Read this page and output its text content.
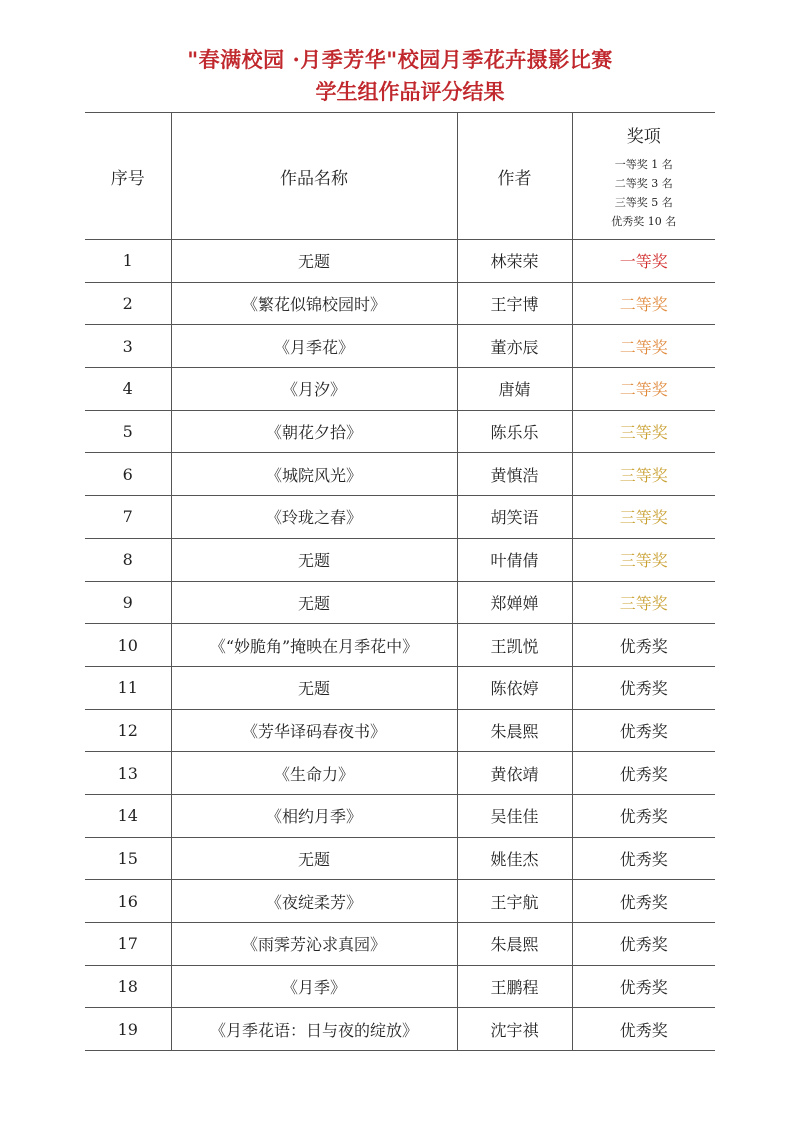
"春满校园 ·月季芳华"校园月季花卉摄影比赛
学生组作品评分结果
序号	作品名称	作者	奖项
一等奖 1 名
二等奖 3 名
三等奖 5 名
优秀奖 10 名

1	无题	林荣荣	一等奖
2	《繁花似锦校园时》	王宇博	二等奖
3	《月季花》	董亦辰	二等奖
4	《月汐》	唐婧	二等奖
5	《朝花夕拾》	陈乐乐	三等奖
6	《城院风光》	黄慎浩	三等奖
7	《玲珑之春》	胡笑语	三等奖
8	无题	叶倩倩	三等奖
9	无题	郑婵婵	三等奖
10	《“妙脆角”掩映在月季花中》	王凯悦	优秀奖
11	无题	陈依婷	优秀奖
12	《芳华译码春夜书》	朱晨熙	优秀奖
13	《生命力》	黄依靖	优秀奖
14	《相约月季》	吴佳佳	优秀奖
15	无题	姚佳杰	优秀奖
16	《夜绽柔芳》	王宇航	优秀奖
17	《雨霁芳沁求真园》	朱晨熙	优秀奖
18	《月季》	王鹏程	优秀奖
19	《月季花语：日与夜的绽放》	沈宇祺	优秀奖
